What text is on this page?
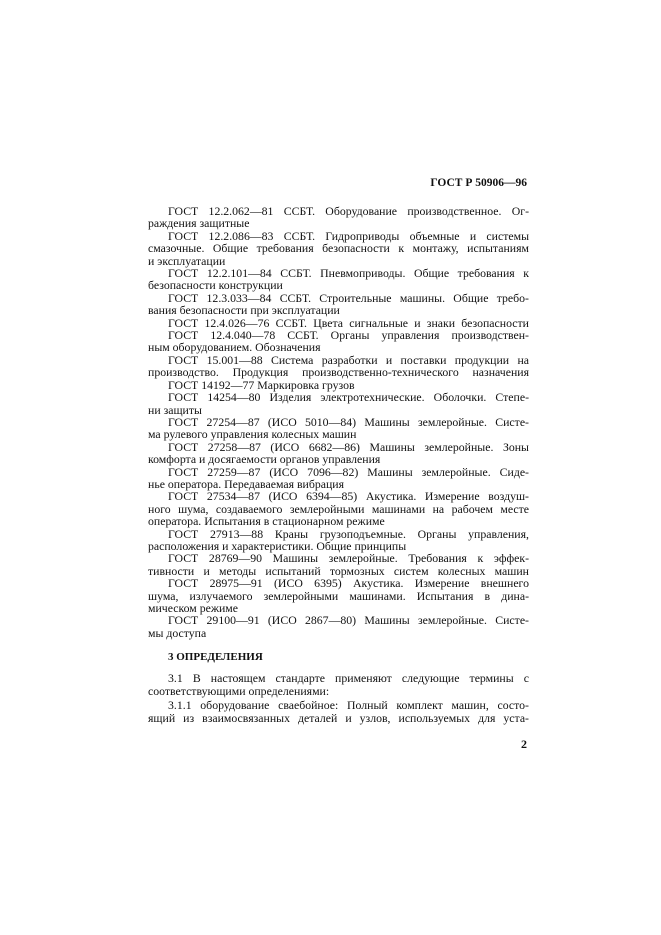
ГОСТ Р 50906—96
ГОСТ 12.2.062—81 ССБТ. Оборудование производственное. Ог-
раждения защитные
ГОСТ 12.2.086—83 ССБТ. Гидроприводы объемные и системы
смазочные. Общие требования безопасности к монтажу, испытаниям
и эксплуатации
ГОСТ 12.2.101—84 ССБТ. Пневмоприводы. Общие требования к
безопасности конструкции
ГОСТ 12.3.033—84 ССБТ. Строительные машины. Общие требо-
вания безопасности при эксплуатации
ГОСТ 12.4.026—76 ССБТ. Цвета сигнальные и знаки безопасности
ГОСТ 12.4.040—78 ССБТ. Органы управления производствен-
ным оборудованием. Обозначения
ГОСТ 15.001—88 Система разработки и поставки продукции на
производство. Продукция производственно-технического назначения
ГОСТ 14192—77 Маркировка грузов
ГОСТ 14254—80 Изделия электротехнические. Оболочки. Степе-
ни защиты
ГОСТ 27254—87 (ИСО 5010—84) Машины землеройные. Систе-
ма рулевого управления колесных машин
ГОСТ 27258—87 (ИСО 6682—86) Машины землеройные. Зоны
комфорта и досягаемости органов управления
ГОСТ 27259—87 (ИСО 7096—82) Машины землеройные. Сиде-
нье оператора. Передаваемая вибрация
ГОСТ 27534—87 (ИСО 6394—85) Акустика. Измерение воздуш-
ного шума, создаваемого землеройными машинами на рабочем месте
оператора. Испытания в стационарном режиме
ГОСТ 27913—88 Краны грузоподъемные. Органы управления,
расположения и характеристики. Общие принципы
ГОСТ 28769—90 Машины землеройные. Требования к эффек-
тивности и методы испытаний тормозных систем колесных машин
ГОСТ 28975—91 (ИСО 6395) Акустика. Измерение внешнего
шума, излучаемого землеройными машинами. Испытания в дина-
мическом режиме
ГОСТ 29100—91 (ИСО 2867—80) Машины землеройные. Систе-
мы доступа
3 ОПРЕДЕЛЕНИЯ
3.1 В настоящем стандарте применяют следующие термины с
соответствующими определениями:
3.1.1 оборудование сваебойное: Полный комплект машин, состо-
ящий из взаимосвязанных деталей и узлов, используемых для уста-
2
